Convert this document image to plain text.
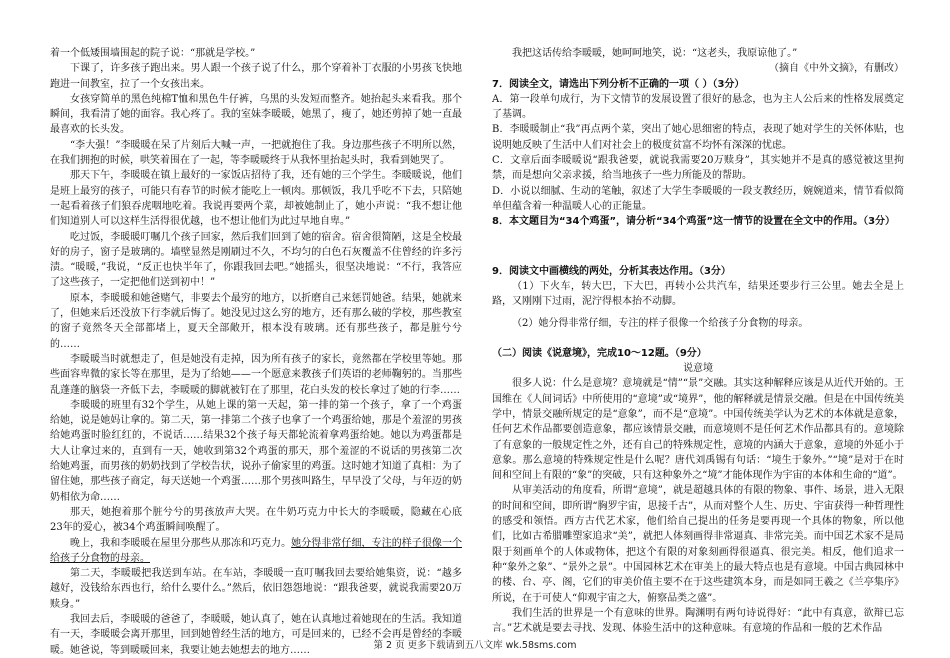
着一个低矮围墙围起的院子说：“那就是学校。”

下课了，许多孩子跑出来。男人跟一个孩子说了什么，那个穿着补丁衣服的小男孩飞快地跑进一间教室，拉了一个女孩出来。

女孩穿简单的黑色纯棉T恤和黑色牛仔裤，乌黑的头发短而整齐。她抬起头来看我。那个瞬间，我看清了她的面容。我心疼了。我的室妹李暖暖，她黑了，瘦了，她还剪掉了她一直最最喜欢的长头发。

“李大强！”李暖暖在呆了片刻后大喊一声，一把就抱住了我。身边那些孩子不明所以然，在我们拥抱的时候，哄笑着围在了一起，等李暖暖终于从我怀里抬起头时，我看到她哭了。

那天下午，李暖暖在镇上最好的一家饭店招待了我，还有她的三个学生。李暖暖说，他们是班上最穷的孩子，可能只有春节的时候才能吃上一顿肉。那顿饭，我几乎吃不下去，只陪她一起看着孩子们狼吞虎咽地吃着。我说再要两个菜，却被她制止了，她小声说：“我不想让他们知道别人可以这样生活得很优越，也不想让他们为此过早地自卑。”

吃过饭，李暖暖叮嘱几个孩子回家，然后我们回到了她的宿舍。宿舍很简陋，这是全校最好的房子，窗子是玻璃的。墙壁显然是刚刷过不久，不均匀的白色石灰覆盖不住曾经的许多污渍。“暖暖，”我说，“反正也快半年了，你跟我回去吧。”她摇头，很坚决地说：“不行，我答应了这些孩子，一定把他们送到初中！”

原本，李暖暖和她爸赌气，非要去个最穷的地方，以折磨自己来惩罚她爸。结果，她就来了，但她来后还没放下行李就后悔了。她没见过这么穷的地方，还有那么破的学校，那些教室的窗子竟然冬天全部都堵上，夏天全部敞开，根本没有玻璃。还有那些孩子，都是脏兮兮的……

李暖暖当时就想走了，但是她没有走掉，因为所有孩子的家长，竟然都在学校里等她。那些面容卑微的家长等在那里，是为了给她——一个愿意来教孩子们英语的老师鞠躬的。当那些乱蓬蓬的脑袋一齐低下去，李暖暖的脚就被钉在了那里，花白头发的校长拿过了她的行李……

李暖暖的班里有32个学生，从她上课的第一天起，第一排的第一个孩子，拿了一个鸡蛋给她，说是她妈让拿的。第二天，第一排第二个孩子也拿了一个鸡蛋给她，那是个羞涩的男孩给她鸡蛋时脸红红的，不说话……结果32个孩子每天都轮流着拿鸡蛋给她。她以为鸡蛋都是大人让拿过来的，直到有一天，她收到第32个鸡蛋的那天，那个羞涩的不说话的男孩第二次给她鸡蛋，而男孩的奶奶找到了学校告状，说孙子偷家里的鸡蛋。这时她才知道了真相：为了留住她，那些孩子商定，每天送她一个鸡蛋……那个男孩叫路生，早早没了父母，与年迈的奶奶相依为命……

那天，她抱着那个脏兮兮的男孩放声大哭。在牛奶巧克力中长大的李暖暖，隐藏在心底23年的爱心，被34个鸡蛋瞬间唤醒了。

晚上，我和李暖暖在屋里分那些从那冻和巧克力。她分得非常仔细，专注的样子很像一个给孩子分食物的母亲。

第二天，李暖暖把我送到车站。在车站，李暖暖一直叮嘱我回去要给她集资，说：“越多越好，没钱给东西也行，给什么要什么。”然后，依旧怨怨地说：“跟我爸要，就说我需要20万赎身。”

我回去后，李暖暖的爸爸了，李暖暖，她认真了，她在认真地过着她现在的生活。我知道有一天，李暖暖会离开那里，回到她曾经生活的地方，可是回来的，已经不会再是曾经的李暖暖。她爸说，等到暖暖回来，我要让她去她想去的地方……

我把这话传给李暖暖，她呵呵地笑，说：“这老头，我原谅他了。”

（摘自《中外文摘》，有删改）

7．阅读全文，请选出下列分析不正确的一项（ ）（3分）

A．第一段单句成行，为下文情节的发展设置了很好的悬念，也为主人公后来的性格发展奠定了基调。

B．李暖暖制止“我”再点两个菜，突出了她心思细密的特点，表现了她对学生的关怀体贴，也说明她反映了生活中人们对社会上的极度贫富不均怀有深深的忧虑。

C．文章后面李暖暖说“跟我爸要，就说我需要20万赎身”，其实她并不是真的感觉被这里拘禁，而是想向父亲求援，给当地孩子一些力所能及的帮助。

D．小说以细腻、生动的笔触，叙述了大学生李暖暖的一段支教经历，婉婉道来，情节看似简单但蕴含着一种温暖人心的正能量。

8．本文题目为“34个鸡蛋”，请分析“34个鸡蛋”这一情节的设置在全文中的作用。（3分）

9．阅读文中画横线的两处，分析其表达作用。（3分）

（1）下火车，转大巴，下大巴，再转小公共汽车，结果还要步行三公里。她去全是上路，又刚刚下过雨，泥泞得根本抬不动脚。

（2）她分得非常仔细，专注的样子很像一个给孩子分食物的母亲。

（二）阅读《说意境》，完成10～12题。（9分）

说意境

很多人说：什么是意境？意境就是“情”“景”交融。其实这种解释应该是从近代开始的。王国维在《人间词话》中所使用的“意境”或“境界”，他的解释就是情景交融。但是在中国传统美学中，情景交融所规定的是“意象”，而不是“意境”。中国传统美学认为艺术的本体就是意象，任何艺术作品都要创造意象，都应该情景交融，而意境则不是任何艺术作品都具有的。意境除了有意象的一般规定性之外，还有自己的特殊规定性，意境的内涵大于意象，意境的外延小于意象。那么意境的特殊规定性是什么呢？唐代刘禹锡有句话：“境生于象外。”“境”是对于在时间和空间上有限的“象”的突破，只有这种象外之“境”才能体现作为宇宙的本体和生命的“道”。

从审美活动的角度看，所谓“意境”，就是超越具体的有限的物象、事件、场景，进入无限的时间和空间，即所谓“胸罗宇宙，思接千古”，从而对整个人生、历史、宇宙获得一种哲理性的感受和领悟。西方古代艺术家，他们给自己提出的任务是要再现一个具体的物象，所以他们，比如古希腊雕塑家追求“美”，就把人体刻画得非常逼真、非常完美。而中国艺术家不是局限于刻画单个的人体或物体，把这个有限的对象刻画得很逼真、很完美。相反，他们追求一种“象外之象”、“景外之景”。中国园林艺术在审美上的最大特点也是有意境。中国古典园林中的楼、台、亭、阁，它们的审美价值主要不在于这些建筑本身，而是如同王羲之《兰亭集序》所说，在于可使人“仰观宇宙之大，俯察品类之盛”。

我们生活的世界是一个有意味的世界。陶渊明有两句诗说得好：“此中有真意，欲辩已忘言。”艺术就是要去寻找、发现、体验生活中的这种意味。有意境的作品和一般的艺术作品

第 2 页 更多下载请到五八文库 wk.58sms.com
